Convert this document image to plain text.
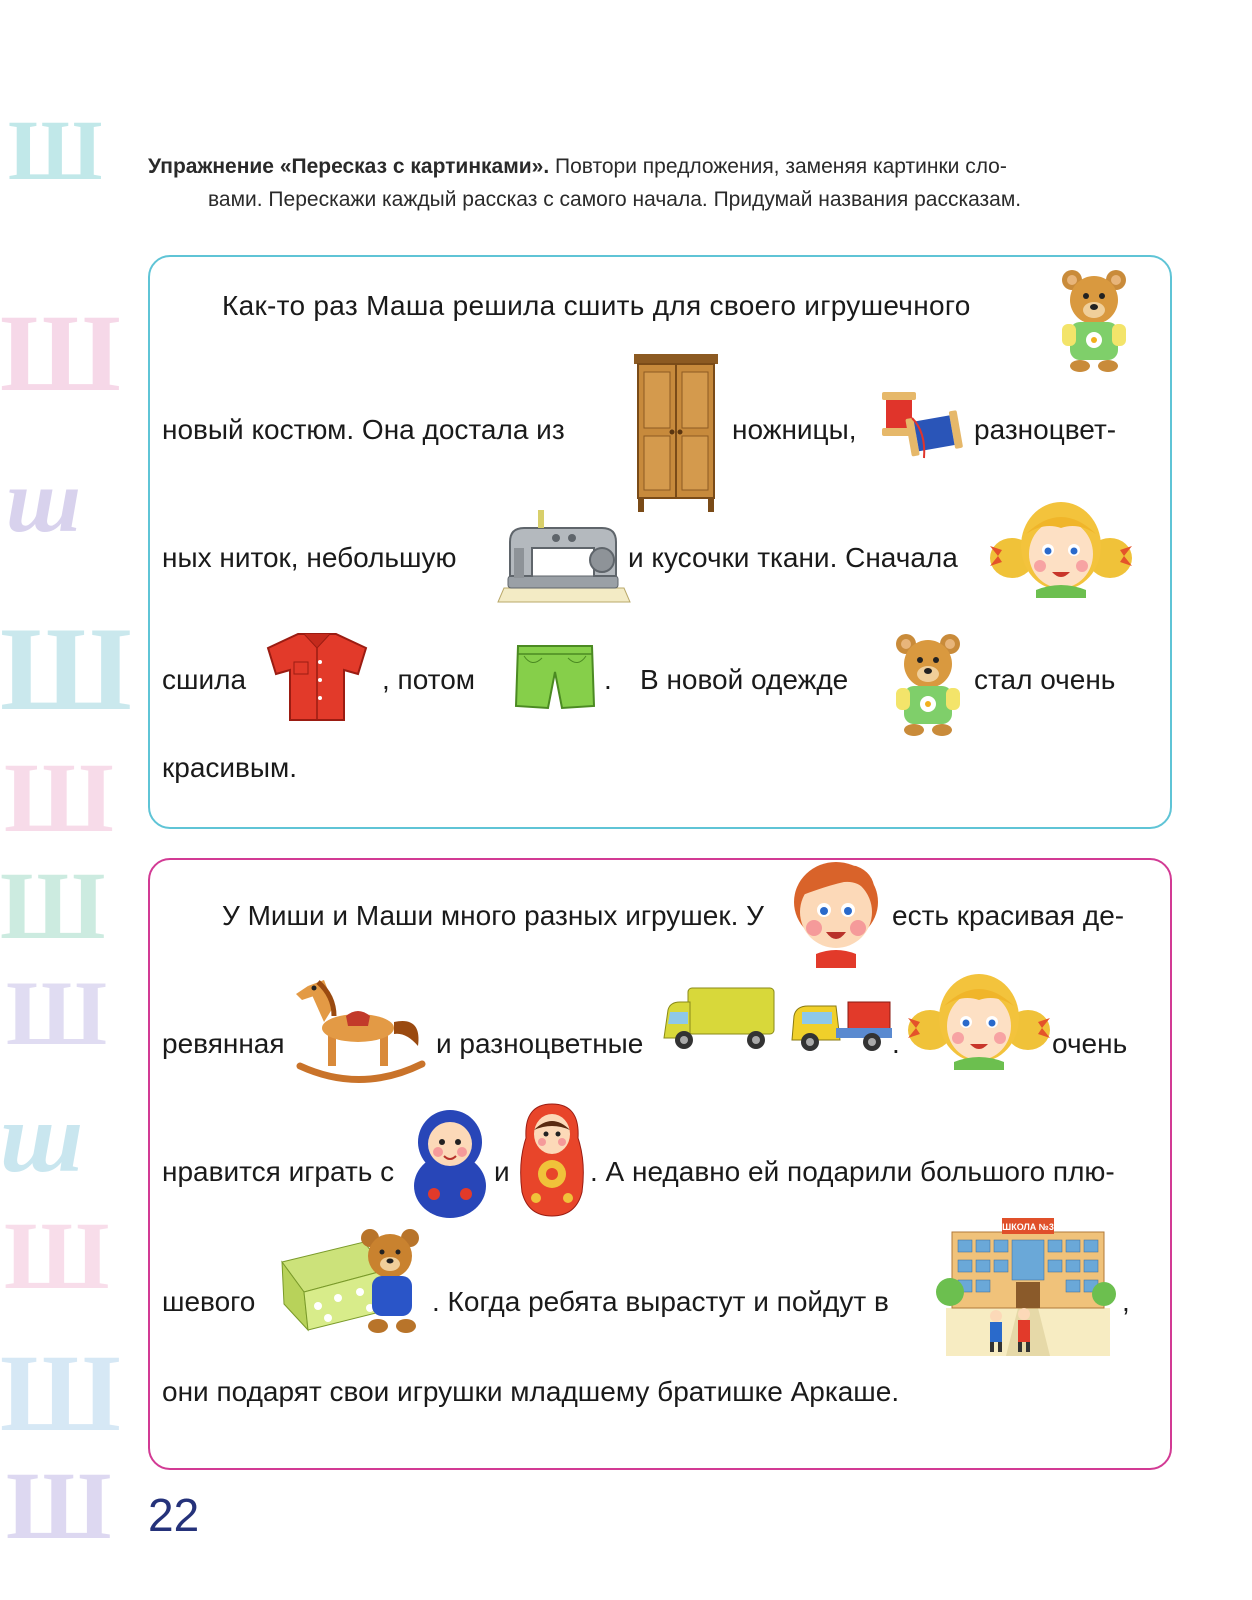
Ш
Ш
ш
Ш
Ш
Ш
Ш
ш
Ш
Ш
Ш
Упражнение «Пересказ с картинками». Повтори предложения, заменяя картинки сло-
вами. Перескажи каждый рассказ с самого начала. Придумай названия рассказам.
Как-то раз Маша решила сшить для своего игрушечного
новый костюм. Она достала из	ножницы,	разноцвет-
ных ниток, небольшую	и кусочки ткани. Сначала
сшила	, потом	. В новой одежде	стал очень
красивым.
У Миши и Маши много разных игрушек. У	есть красивая де-
ревянная	и разноцветные	.	очень
нравится играть с	и	. А недавно ей подарили большого плю-
шевого	. Когда ребята вырастут и пойдут в
ШКОЛА №3
,
они подарят свои игрушки младшему братишке Аркаше.
22
